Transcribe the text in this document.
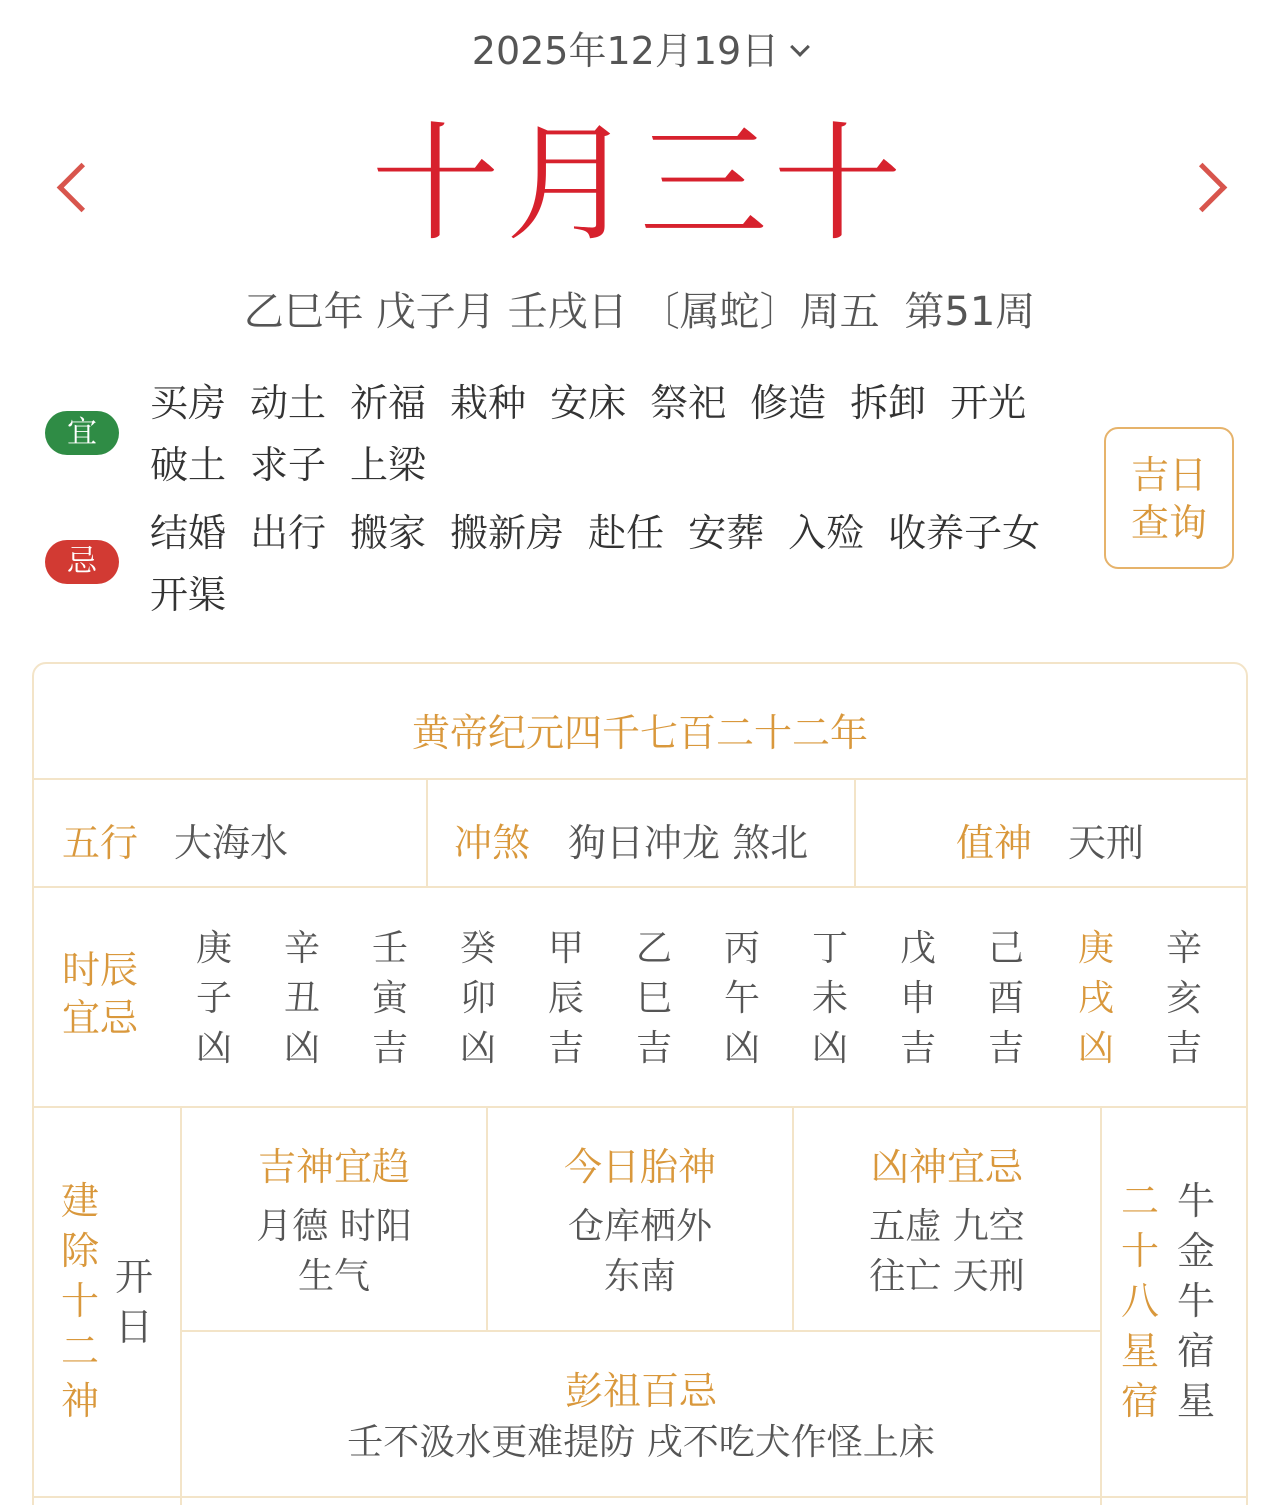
2025年12月19日
十月三十
乙巳年 戊子月 壬戌日 〔属蛇〕周五 第51周
宜
买房 动土 祈福 栽种 安床 祭祀 修造 拆卸 开光
破土 求子 上梁
忌
结婚 出行 搬家 搬新房 赴任 安葬 入殓 收养子女
开渠
吉日
查询
黄帝纪元四千七百二十二年
五行 大海水	冲煞 狗日冲龙 煞北	值神 天刑
时辰
宜忌
庚
子
凶
辛
丑
凶
壬
寅
吉
癸
卯
凶
甲
辰
吉
乙
巳
吉
丙
午
凶
丁
未
凶
戊
申
吉
己
酉
吉
庚
戌
凶
辛
亥
吉
建
除
十
二
神
开
日
吉神宜趋
月德 时阳
生气
今日胎神
仓库栖外
东南
凶神宜忌
五虚 九空
往亡 天刑
彭祖百忌
壬不汲水更难提防 戌不吃犬作怪上床
二
十
八
星
宿
牛
金
牛
宿
星
